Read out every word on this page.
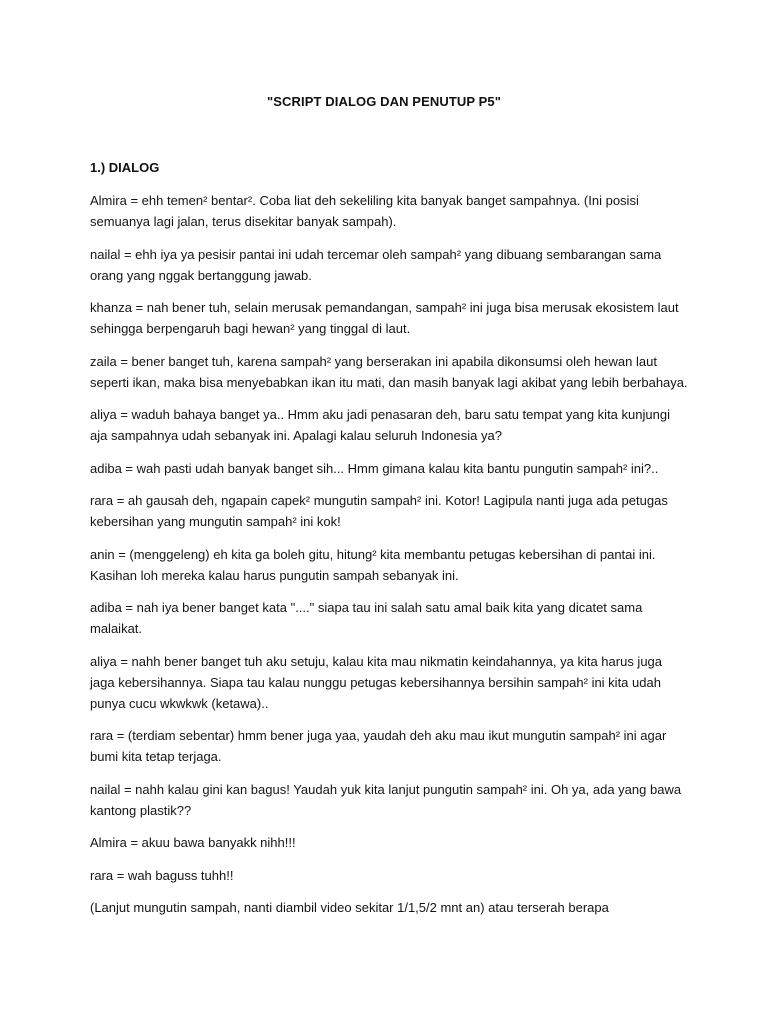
"SCRIPT DIALOG DAN PENUTUP P5"
1.) DIALOG

Almira = ehh temen² bentar². Coba liat deh sekeliling kita banyak banget sampahnya. (Ini posisi semuanya lagi jalan, terus disekitar banyak sampah).

nailal = ehh iya ya pesisir pantai ini udah tercemar oleh sampah² yang dibuang sembarangan sama orang yang nggak bertanggung jawab.

khanza = nah bener tuh, selain merusak pemandangan, sampah² ini juga bisa merusak ekosistem laut sehingga berpengaruh bagi hewan² yang tinggal di laut.

zaila = bener banget tuh, karena sampah² yang berserakan ini apabila dikonsumsi oleh hewan laut seperti ikan, maka bisa menyebabkan ikan itu mati, dan masih banyak lagi akibat yang lebih berbahaya.

aliya = waduh bahaya banget ya.. Hmm aku jadi penasaran deh, baru satu tempat yang kita kunjungi aja sampahnya udah sebanyak ini. Apalagi kalau seluruh Indonesia ya?

adiba = wah pasti udah banyak banget sih... Hmm gimana kalau kita bantu pungutin sampah² ini?..

rara = ah gausah deh, ngapain capek² mungutin sampah² ini. Kotor! Lagipula nanti juga ada petugas kebersihan yang mungutin sampah² ini kok!

anin = (menggeleng) eh kita ga boleh gitu, hitung² kita membantu petugas kebersihan di pantai ini. Kasihan loh mereka kalau harus pungutin sampah sebanyak ini.

adiba = nah iya bener banget kata "...." siapa tau ini salah satu amal baik kita yang dicatet sama malaikat.

aliya = nahh bener banget tuh aku setuju, kalau kita mau nikmatin keindahannya, ya kita harus juga jaga kebersihannya. Siapa tau kalau nunggu petugas kebersihannya bersihin sampah² ini kita udah punya cucu wkwkwk (ketawa)..

rara = (terdiam sebentar) hmm bener juga yaa, yaudah deh aku mau ikut mungutin sampah² ini agar bumi kita tetap terjaga.

nailal = nahh kalau gini kan bagus! Yaudah yuk kita lanjut pungutin sampah² ini. Oh ya, ada yang bawa kantong plastik??

Almira = akuu bawa banyakk nihh!!!

rara = wah baguss tuhh!!

(Lanjut mungutin sampah, nanti diambil video sekitar 1/1,5/2 mnt an) atau terserah berapa
